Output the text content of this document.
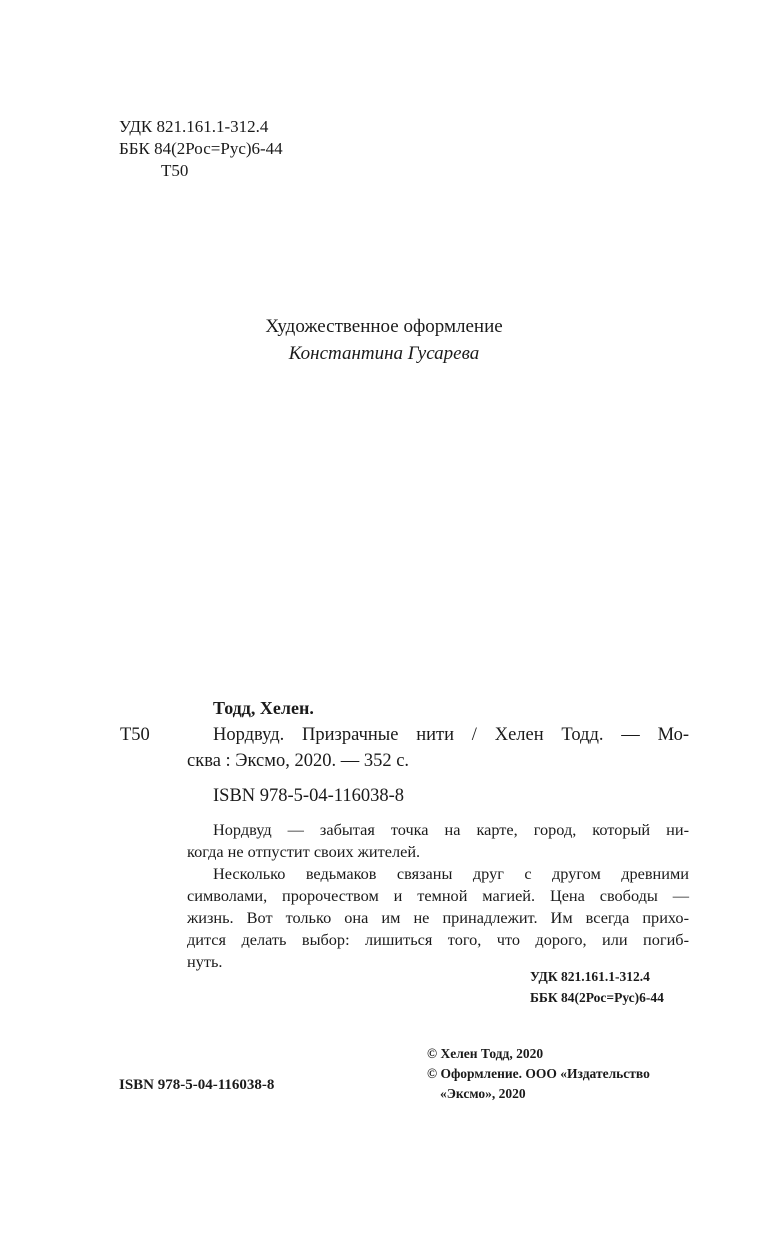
УДК 821.161.1-312.4
ББК 84(2Рос=Рус)6-44
Т50
Художественное оформление
Константина Гусарева
Тодд, Хелен.
Т50	Нордвуд. Призрачные нити / Хелен Тодд. — Мо-
сква : Эксмо, 2020. — 352 с.
ISBN 978-5-04-116038-8
Нордвуд — забытая точка на карте, город, который ни-
когда не отпустит своих жителей.
Несколько ведьмаков связаны друг с другом древними
символами, пророчеством и темной магией. Цена свободы —
жизнь. Вот только она им не принадлежит. Им всегда прихо-
дится делать выбор: лишиться того, что дорого, или погиб-
нуть.
УДК 821.161.1-312.4
ББК 84(2Рос=Рус)6-44
© Хелен Тодд, 2020
© Оформление. ООО «Издательство
«Эксмо», 2020
ISBN 978-5-04-116038-8
